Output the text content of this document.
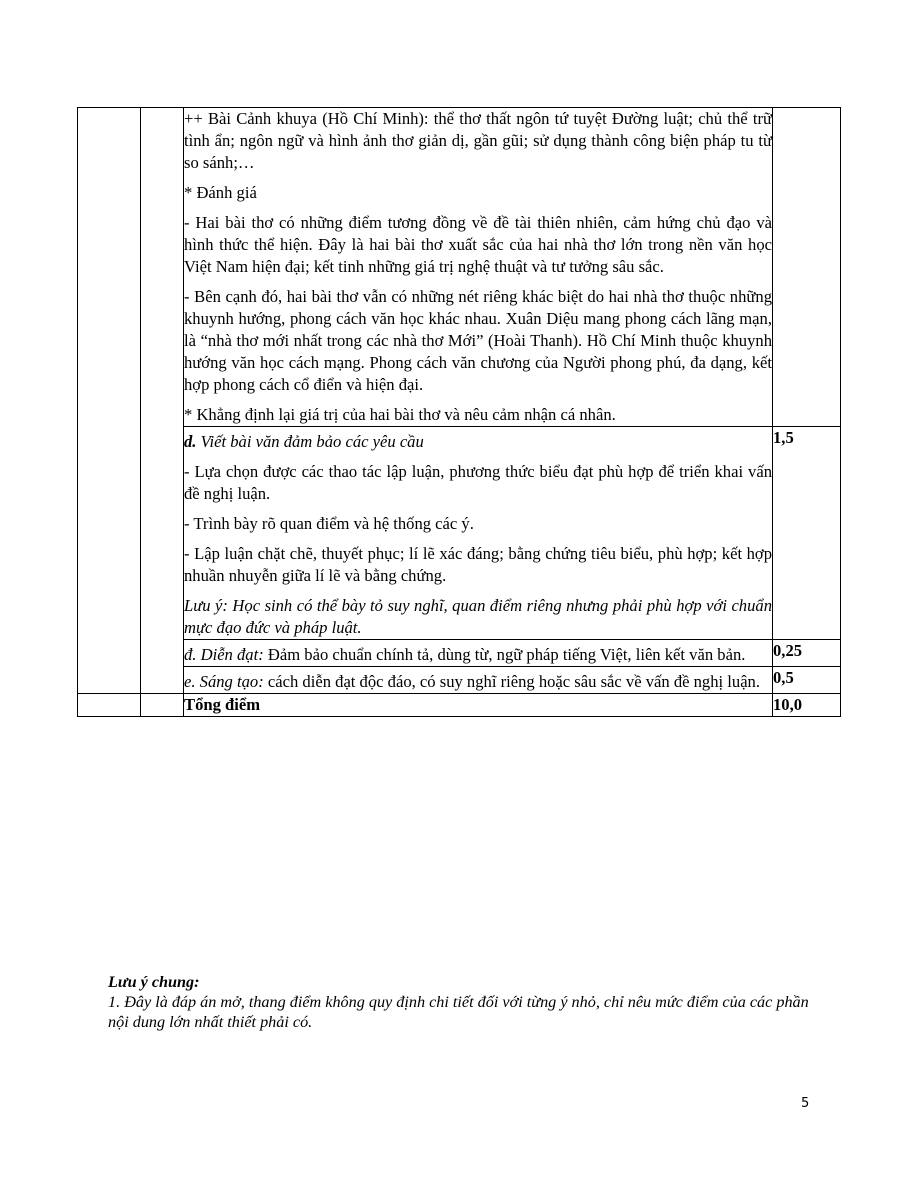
		++ Bài Cảnh khuya (Hồ Chí Minh): thể thơ thất ngôn tứ tuyệt Đường luật; chủ thể trữ tình ẩn; ngôn ngữ và hình ảnh thơ giản dị, gần gũi; sử dụng thành công biện pháp tu từ so sánh;…

* Đánh giá

- Hai bài thơ có những điểm tương đồng về đề tài thiên nhiên, cảm hứng chủ đạo và hình thức thể hiện. Đây là hai bài thơ xuất sắc của hai nhà thơ lớn trong nền văn học Việt Nam hiện đại; kết tinh những giá trị nghệ thuật và tư tưởng sâu sắc.

- Bên cạnh đó, hai bài thơ vẫn có những nét riêng khác biệt do hai nhà thơ thuộc những khuynh hướng, phong cách văn học khác nhau. Xuân Diệu mang phong cách lãng mạn, là “nhà thơ mới nhất trong các nhà thơ Mới” (Hoài Thanh). Hồ Chí Minh thuộc khuynh hướng văn học cách mạng. Phong cách văn chương của Người phong phú, đa dạng, kết hợp phong cách cổ điển và hiện đại.

* Khẳng định lại giá trị của hai bài thơ và nêu cảm nhận cá nhân.	

		d. Viết bài văn đảm bảo các yêu cầu

- Lựa chọn được các thao tác lập luận, phương thức biểu đạt phù hợp để triển khai vấn đề nghị luận.

- Trình bày rõ quan điểm và hệ thống các ý.

- Lập luận chặt chẽ, thuyết phục; lí lẽ xác đáng; bằng chứng tiêu biểu, phù hợp; kết hợp nhuần nhuyễn giữa lí lẽ và bằng chứng.

Lưu ý: Học sinh có thể bày tỏ suy nghĩ, quan điểm riêng nhưng phải phù hợp với chuẩn mực đạo đức và pháp luật.	1,5

		đ. Diễn đạt: Đảm bảo chuẩn chính tả, dùng từ, ngữ pháp tiếng Việt, liên kết văn bản.	0,25

		e. Sáng tạo: cách diễn đạt độc đáo, có suy nghĩ riêng hoặc sâu sắc về vấn đề nghị luận.	0,5
		Tổng điểm	10,0
Lưu ý chung:
1. Đây là đáp án mở, thang điểm không quy định chi tiết đối với từng ý nhỏ, chỉ nêu mức điểm của các phần nội dung lớn nhất thiết phải có.
5
